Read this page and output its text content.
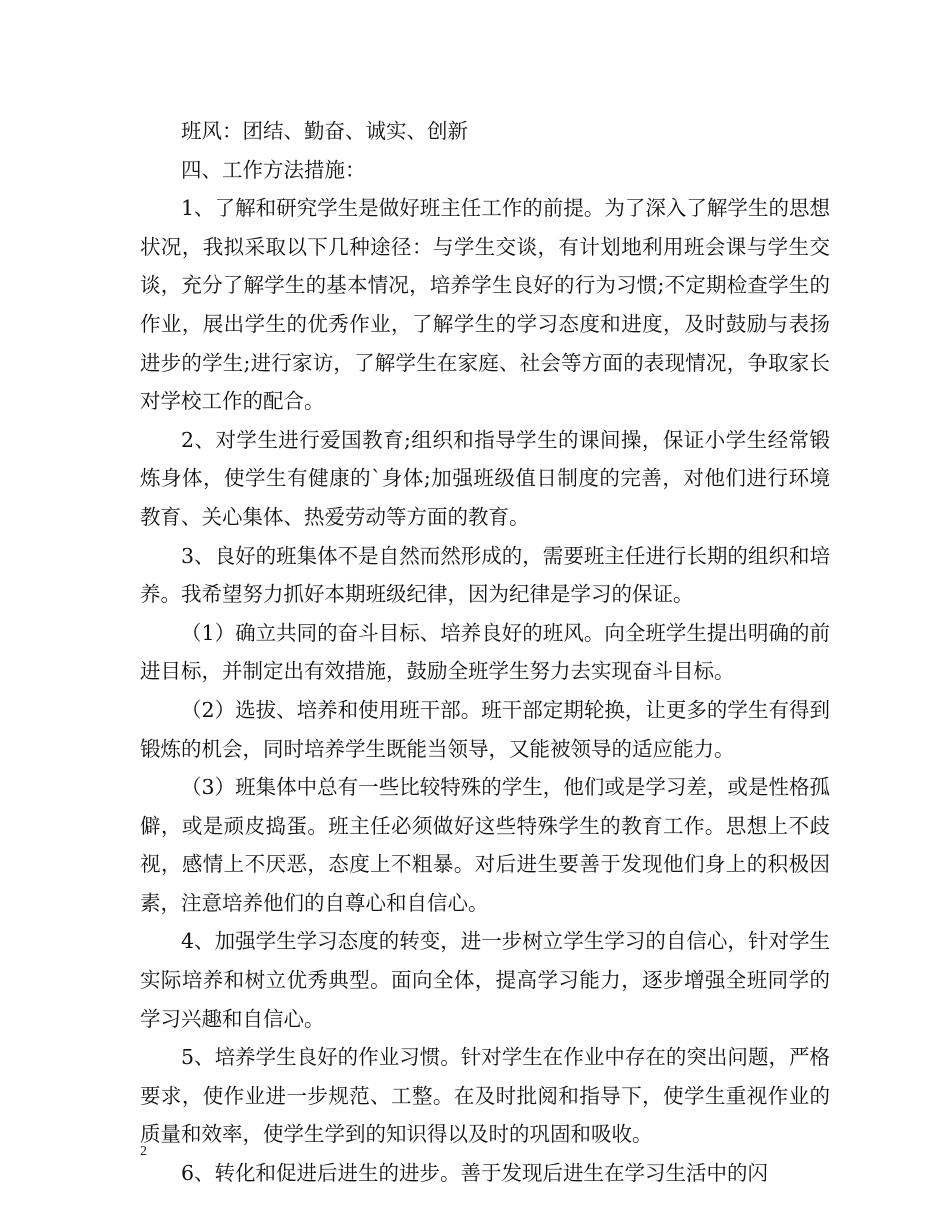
班风：团结、勤奋、诚实、创新

四、工作方法措施：

1、了解和研究学生是做好班主任工作的前提。为了深入了解学生的思想状况，我拟采取以下几种途径：与学生交谈，有计划地利用班会课与学生交谈，充分了解学生的基本情况，培养学生良好的行为习惯;不定期检查学生的作业，展出学生的优秀作业，了解学生的学习态度和进度，及时鼓励与表扬进步的学生;进行家访，了解学生在家庭、社会等方面的表现情况，争取家长对学校工作的配合。

2、对学生进行爱国教育;组织和指导学生的课间操，保证小学生经常锻炼身体，使学生有健康的`身体;加强班级值日制度的完善，对他们进行环境教育、关心集体、热爱劳动等方面的教育。

3、良好的班集体不是自然而然形成的，需要班主任进行长期的组织和培养。我希望努力抓好本期班级纪律，因为纪律是学习的保证。

（1）确立共同的奋斗目标、培养良好的班风。向全班学生提出明确的前进目标，并制定出有效措施，鼓励全班学生努力去实现奋斗目标。

（2）选拔、培养和使用班干部。班干部定期轮换，让更多的学生有得到锻炼的机会，同时培养学生既能当领导，又能被领导的适应能力。

（3）班集体中总有一些比较特殊的学生，他们或是学习差，或是性格孤僻，或是顽皮捣蛋。班主任必须做好这些特殊学生的教育工作。思想上不歧视，感情上不厌恶，态度上不粗暴。对后进生要善于发现他们身上的积极因素，注意培养他们的自尊心和自信心。

4、加强学生学习态度的转变，进一步树立学生学习的自信心，针对学生实际培养和树立优秀典型。面向全体，提高学习能力，逐步增强全班同学的学习兴趣和自信心。

5、培养学生良好的作业习惯。针对学生在作业中存在的突出问题，严格要求，使作业进一步规范、工整。在及时批阅和指导下，使学生重视作业的质量和效率，使学生学到的知识得以及时的巩固和吸收。

6、转化和促进后进生的进步。善于发现后进生在学习生活中的闪

2
